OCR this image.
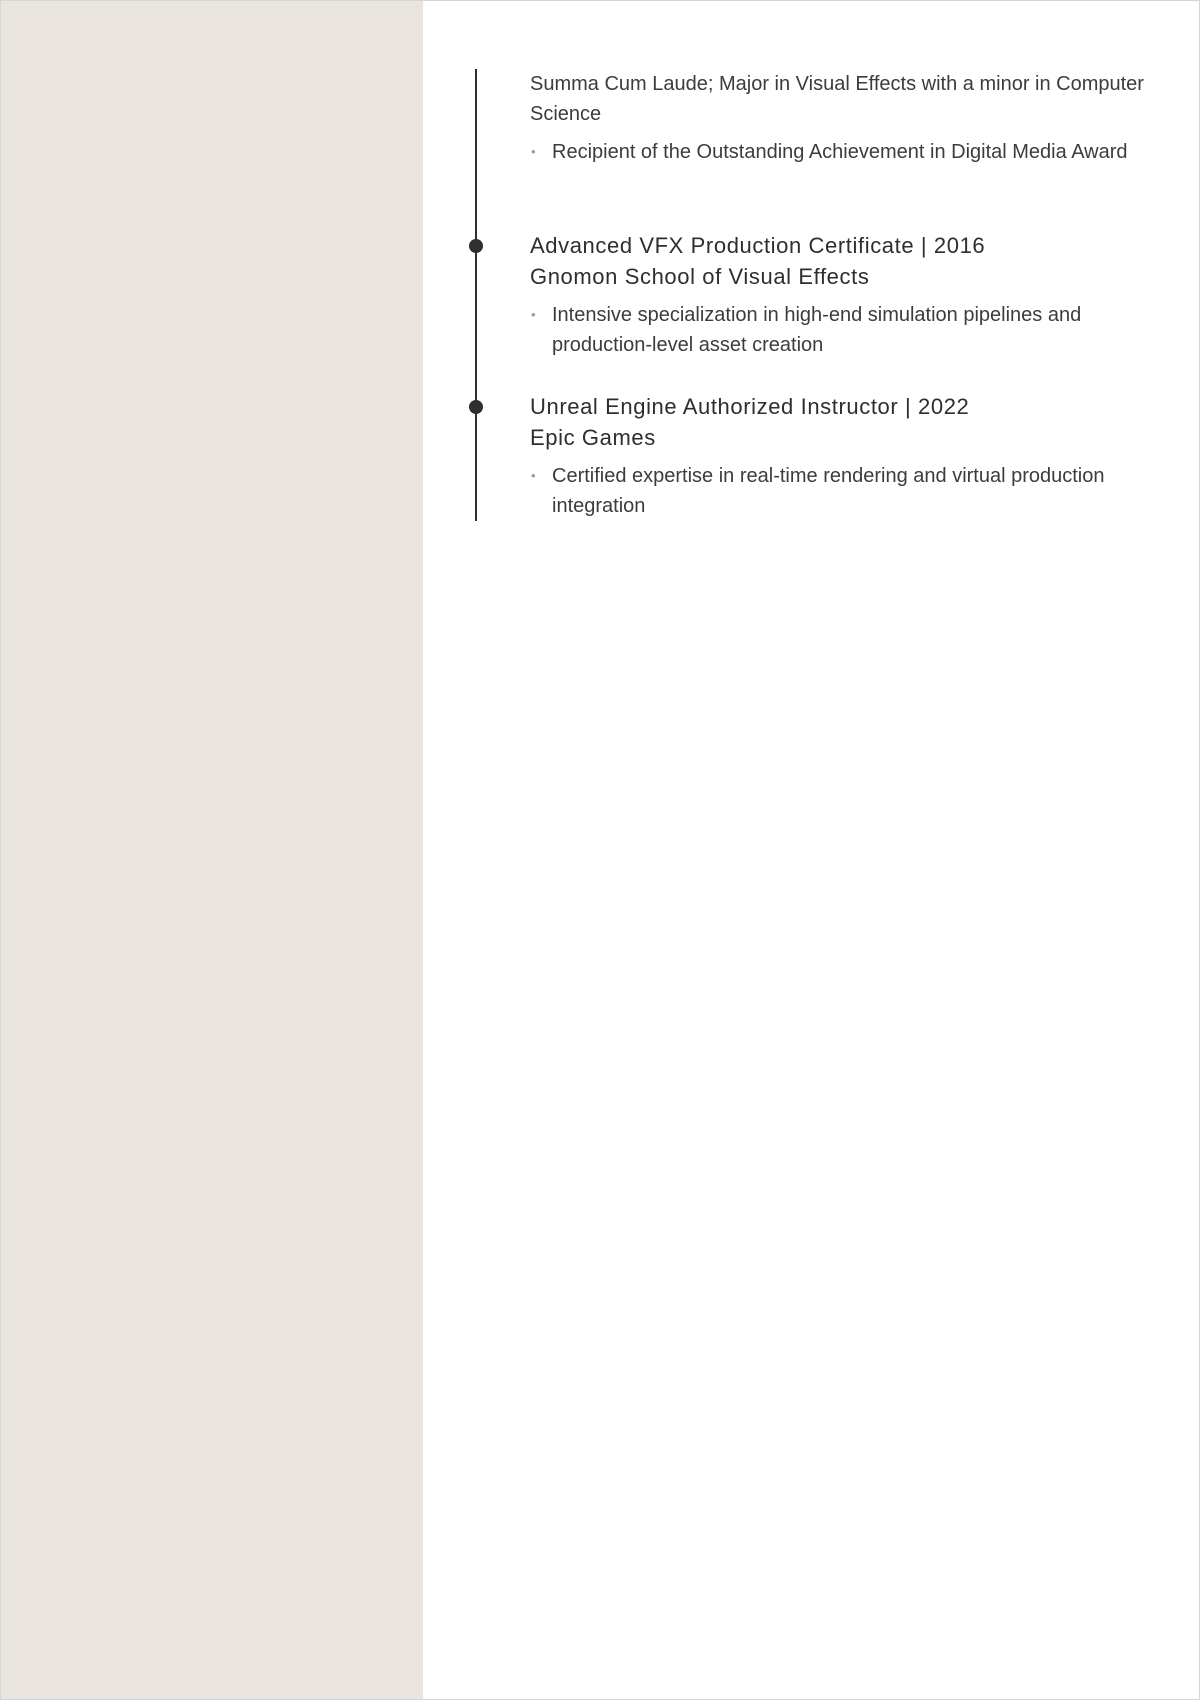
Summa Cum Laude; Major in Visual Effects with a minor in Computer Science

• Recipient of the Outstanding Achievement in Digital Media Award
Advanced VFX Production Certificate | 2016
Gnomon School of Visual Effects
• Intensive specialization in high-end simulation pipelines and production-level asset creation
Unreal Engine Authorized Instructor | 2022
Epic Games
• Certified expertise in real-time rendering and virtual production integration
